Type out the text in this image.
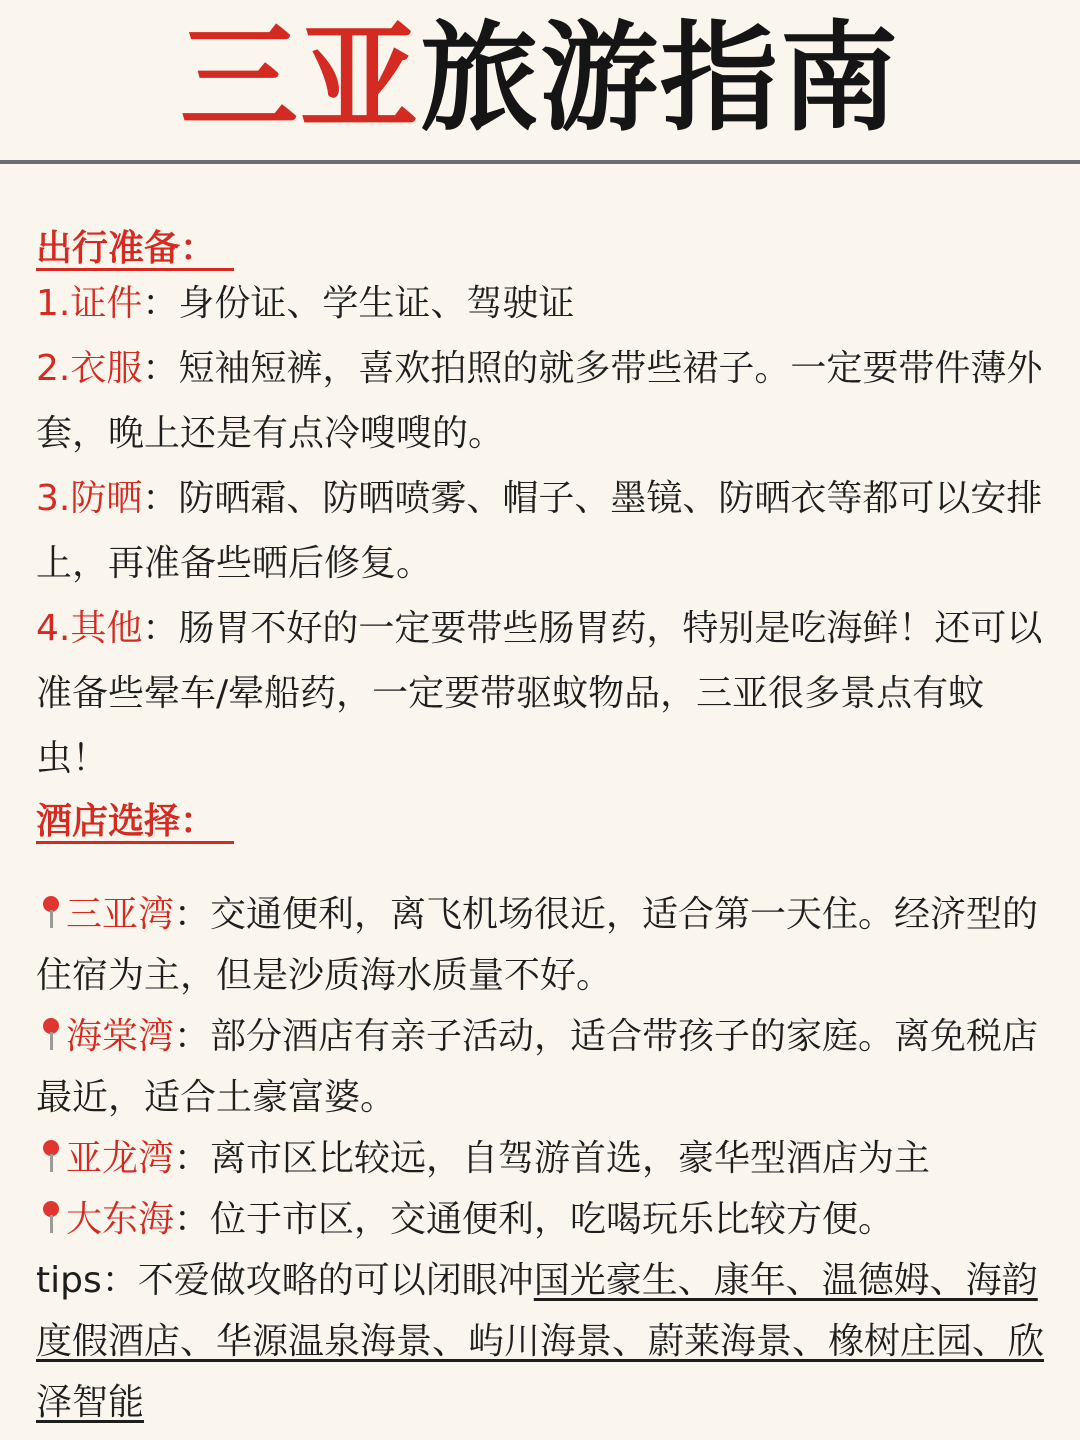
三亚旅游指南
出行准备：

1.证件：身份证、学生证、驾驶证

2.衣服：短袖短裤，喜欢拍照的就多带些裙子。一定要带件薄外套，晚上还是有点冷嗖嗖的。

3.防晒：防晒霜、防晒喷雾、帽子、墨镜、防晒衣等都可以安排上，再准备些晒后修复。

4.其他：肠胃不好的一定要带些肠胃药，特别是吃海鲜！还可以准备些晕车/晕船药，一定要带驱蚊物品，三亚很多景点有蚊虫！

酒店选择：

三亚湾：交通便利，离飞机场很近，适合第一天住。经济型的住宿为主，但是沙质海水质量不好。

海棠湾：部分酒店有亲子活动，适合带孩子的家庭。离免税店最近，适合土豪富婆。

亚龙湾：离市区比较远，自驾游首选，豪华型酒店为主

大东海：位于市区，交通便利，吃喝玩乐比较方便。

tips：不爱做攻略的可以闭眼冲国光豪生、康年、温德姆、海韵度假酒店、华源温泉海景、屿川海景、蔚莱海景、橡树庄园、欣泽智能
